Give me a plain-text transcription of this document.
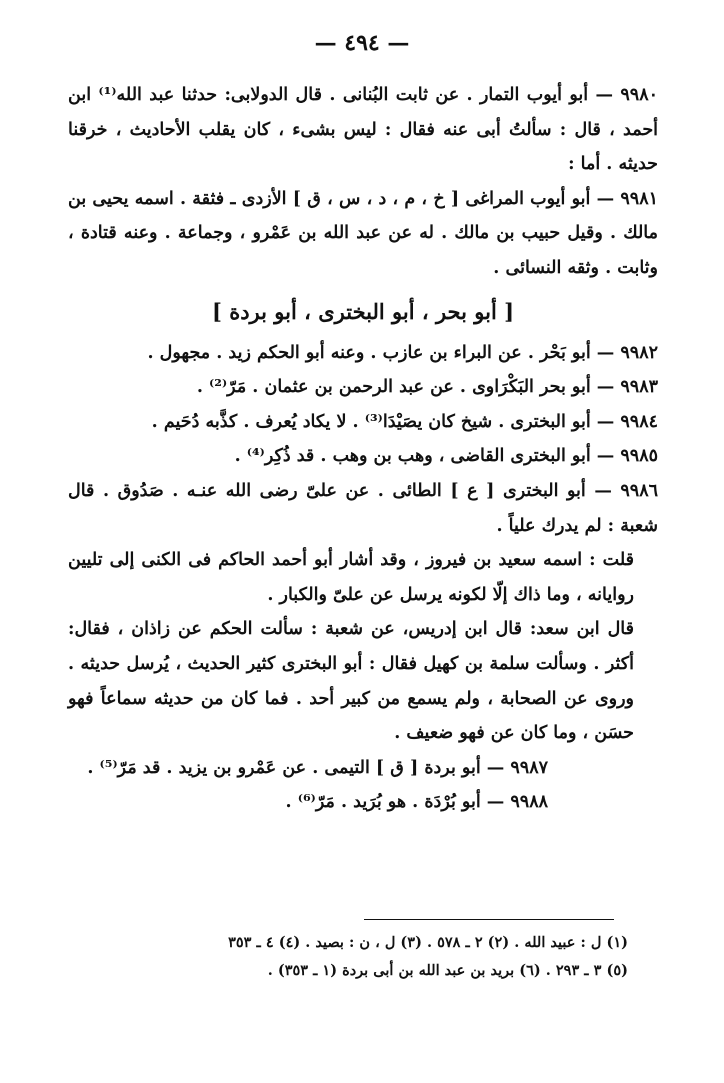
— ٤٩٤ —

٩٩٨٠ — أبو أيوب التمار . عن ثابت البُنانى . قال الدولابى: حدثنا عبد الله⁽¹⁾ ابن أحمد ، قال : سألتُ أبى عنه فقال : ليس بشىء ، كان يقلب الأحاديث ، خرقنا حديثه . أما :

٩٩٨١ — أبو أيوب المراغى [ خ ، م ، د ، س ، ق ] الأزدى ـ فثقة . اسمه يحيى بن مالك . وقيل حبيب بن مالك . له عن عبد الله بن عَمْرو ، وجماعة . وعنه قتادة ، وثابت . وثقه النسائى .

[ أبو بحر ، أبو البخترى ، أبو بردة ]

٩٩٨٢ — أبو بَحْر . عن البراء بن عازب . وعنه أبو الحكم زيد . مجهول .

٩٩٨٣ — أبو بحر البَكْرَاوى . عن عبد الرحمن بن عثمان . مَرّ⁽²⁾ .

٩٩٨٤ — أبو البخترى . شيخ كان يصَيْدَا⁽³⁾ . لا يكاد يُعرف . كذَّبه دُحَيم .

٩٩٨٥ — أبو البخترى القاضى ، وهب بن وهب . قد ذُكِر⁽⁴⁾ .

٩٩٨٦ — أبو البخترى [ ع ] الطائى . عن علىّ رضى الله عنـه . صَدُوق . قال شعبة : لم يدرك علياً .

قلت : اسمه سعيد بن فيروز ، وقد أشار أبو أحمد الحاكم فى الكنى إلى تليين روايانه ، وما ذاك إلّا لكونه يرسل عن علىّ والكبار .

قال ابن سعد: قال ابن إدريس، عن شعبة : سألت الحكم عن زاذان ، فقال: أكثر . وسألت سلمة بن كهيل فقال : أبو البخترى كثير الحديث ، يُرسل حديثه . وروى عن الصحابة ، ولم يسمع من كبير أحد . فما كان من حديثه سماعاً فهو حسَن ، وما كان عن فهو ضعيف .

٩٩٨٧ — أبو بردة [ ق ] التيمى . عن عَمْرو بن يزيد . قد مَرّ⁽⁵⁾ .

٩٩٨٨ — أبو بُرْدَة . هو بُرَيد . مَرّ⁽⁶⁾ .

(١) ل : عبيد الله . (٢) ٢ ـ ٥٧٨ . (٣) ل ، ن : بصيد . (٤) ٤ ـ ٣٥٣

(٥) ٣ ـ ٢٩٣ . (٦) بريد بن عبد الله بن أبى بردة (١ ـ ٣٥٣) .
